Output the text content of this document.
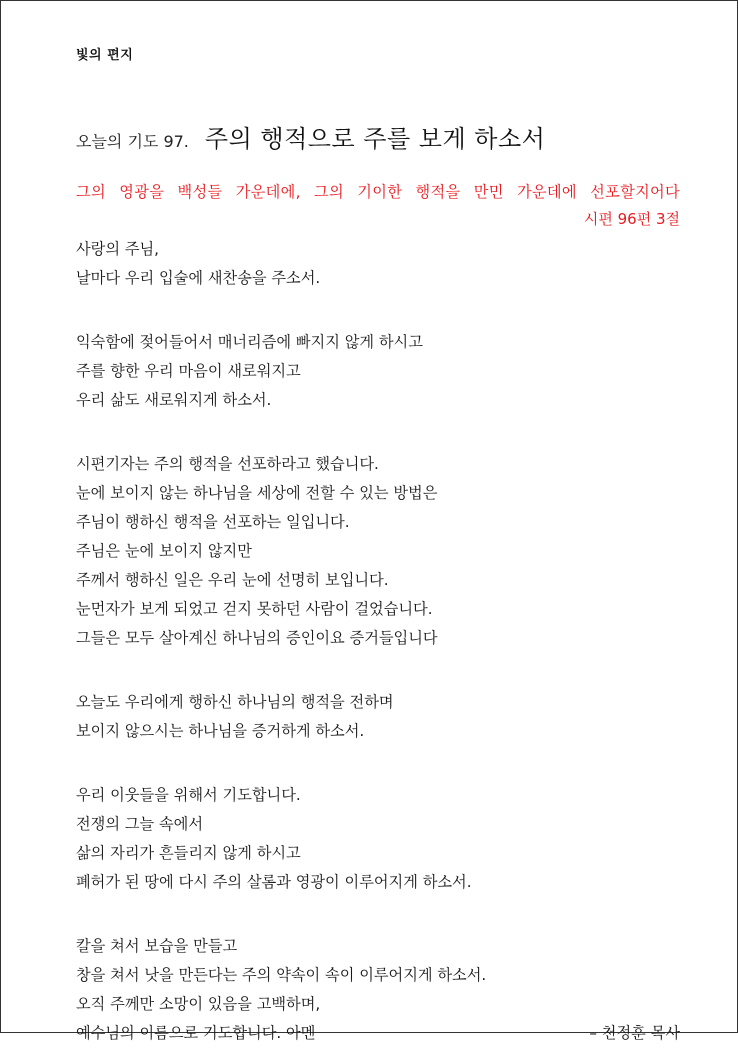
빛의 편지
오늘의 기도 97. 주의 행적으로 주를 보게 하소서
그의 영광을 백성들 가운데에, 그의 기이한 행적을 만민 가운데에 선포할지어다
시편 96편 3절
사랑의 주님,
날마다 우리 입술에 새찬송을 주소서.
익숙함에 젖어들어서 매너리즘에 빠지지 않게 하시고
주를 향한 우리 마음이 새로워지고
우리 삶도 새로워지게 하소서.
시편기자는 주의 행적을 선포하라고 했습니다.
눈에 보이지 않는 하나님을 세상에 전할 수 있는 방법은
주님이 행하신 행적을 선포하는 일입니다.
주님은 눈에 보이지 않지만
주께서 행하신 일은 우리 눈에 선명히 보입니다.
눈먼자가 보게 되었고 걷지 못하던 사람이 걸었습니다.
그들은 모두 살아계신 하나님의 증인이요 증거들입니다
오늘도 우리에게 행하신 하나님의 행적을 전하며
보이지 않으시는 하나님을 증거하게 하소서.
우리 이웃들을 위해서 기도합니다.
전쟁의 그늘 속에서
삶의 자리가 흔들리지 않게 하시고
폐허가 된 땅에 다시 주의 살롬과 영광이 이루어지게 하소서.
칼을 쳐서 보습을 만들고
창을 쳐서 낫을 만든다는 주의 약속이 속이 이루어지게 하소서.
오직 주께만 소망이 있음을 고백하며,
예수님의 이름으로 기도합니다. 아멘	– 천정훈 목사
